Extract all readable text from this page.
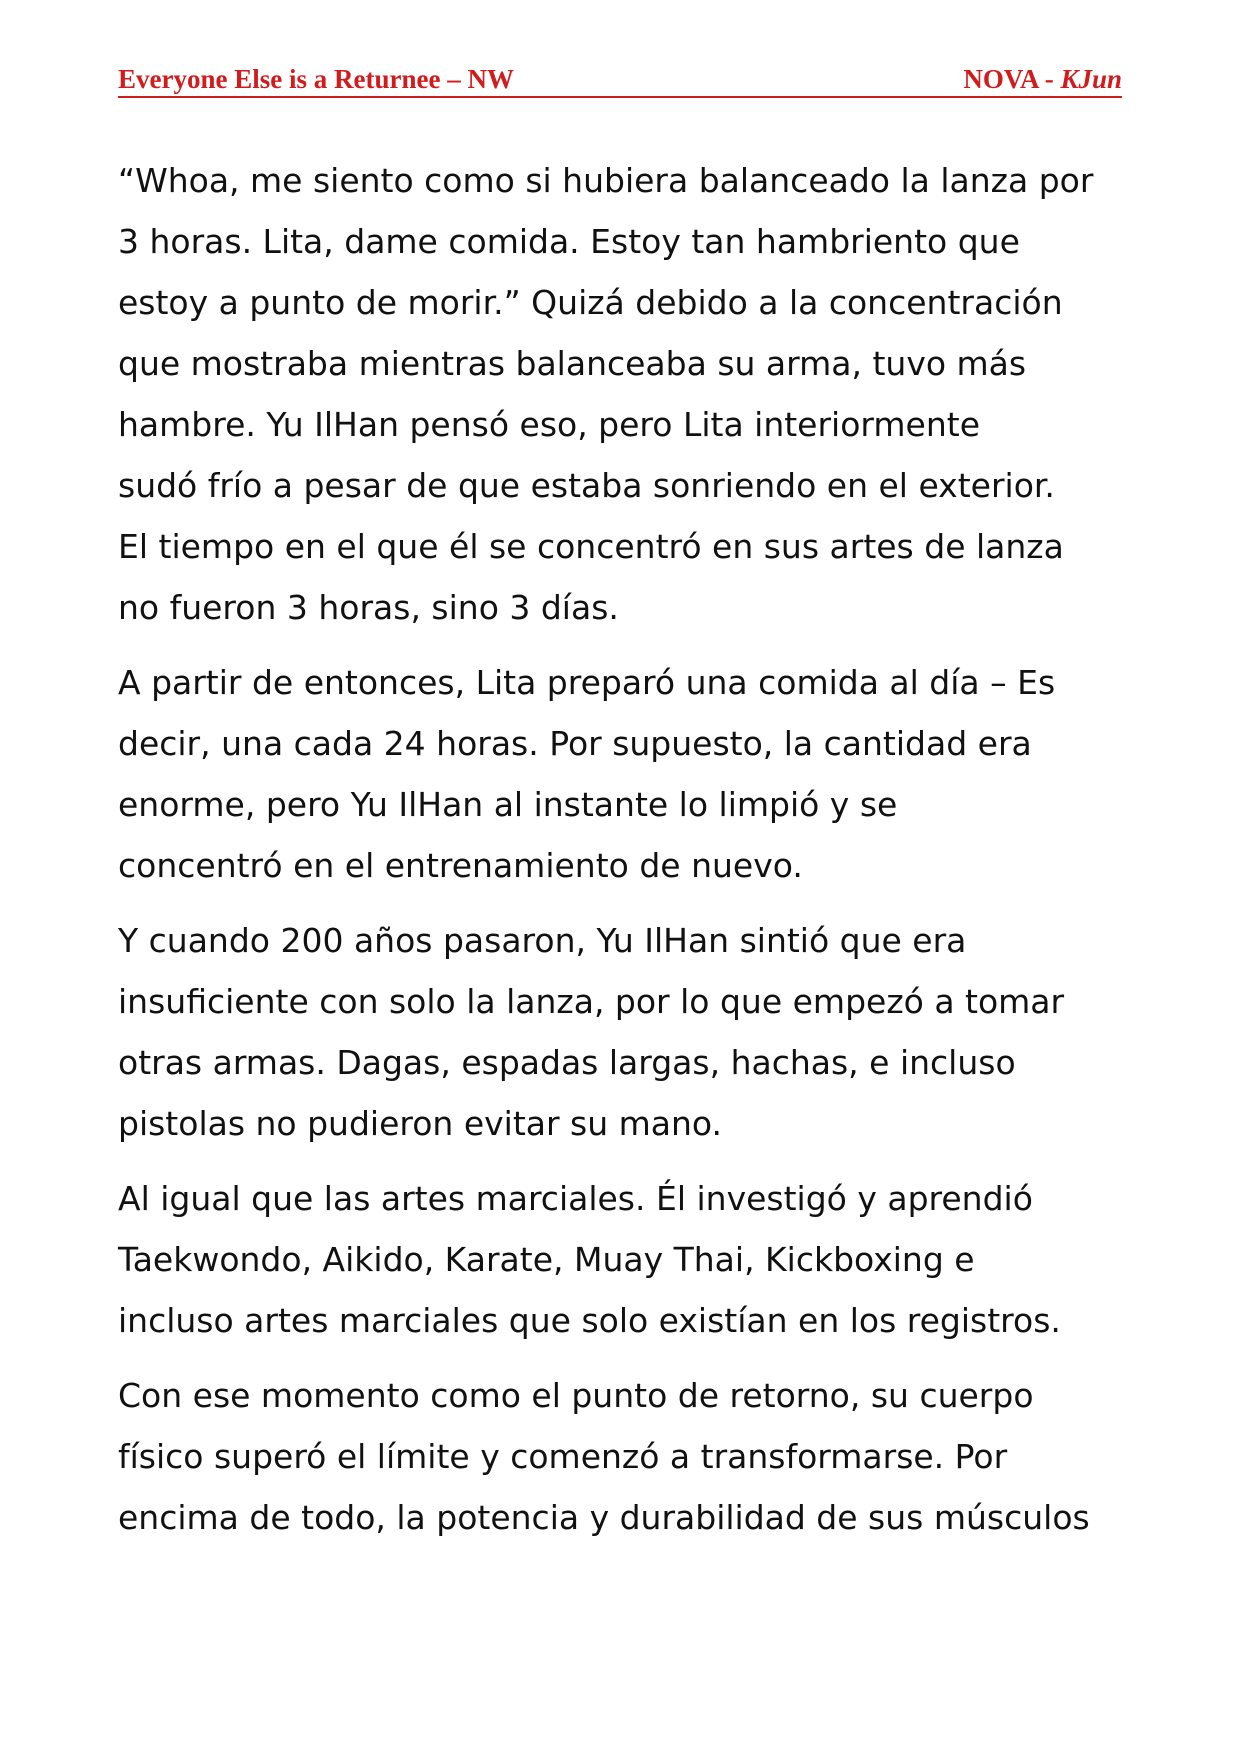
Everyone Else is a Returnee – NW	NOVA - KJun

“Whoa, me siento como si hubiera balanceado la lanza por
3 horas. Lita, dame comida. Estoy tan hambriento que
estoy a punto de morir.” Quizá debido a la concentración
que mostraba mientras balanceaba su arma, tuvo más
hambre. Yu IlHan pensó eso, pero Lita interiormente
sudó frío a pesar de que estaba sonriendo en el exterior.
El tiempo en el que él se concentró en sus artes de lanza
no fueron 3 horas, sino 3 días.

A partir de entonces, Lita preparó una comida al día – Es
decir, una cada 24 horas. Por supuesto, la cantidad era
enorme, pero Yu IlHan al instante lo limpió y se
concentró en el entrenamiento de nuevo.

Y cuando 200 años pasaron, Yu IlHan sintió que era
insuficiente con solo la lanza, por lo que empezó a tomar
otras armas. Dagas, espadas largas, hachas, e incluso
pistolas no pudieron evitar su mano.

Al igual que las artes marciales. Él investigó y aprendió
Taekwondo, Aikido, Karate, Muay Thai, Kickboxing e
incluso artes marciales que solo existían en los registros.

Con ese momento como el punto de retorno, su cuerpo
físico superó el límite y comenzó a transformarse. Por
encima de todo, la potencia y durabilidad de sus músculos
